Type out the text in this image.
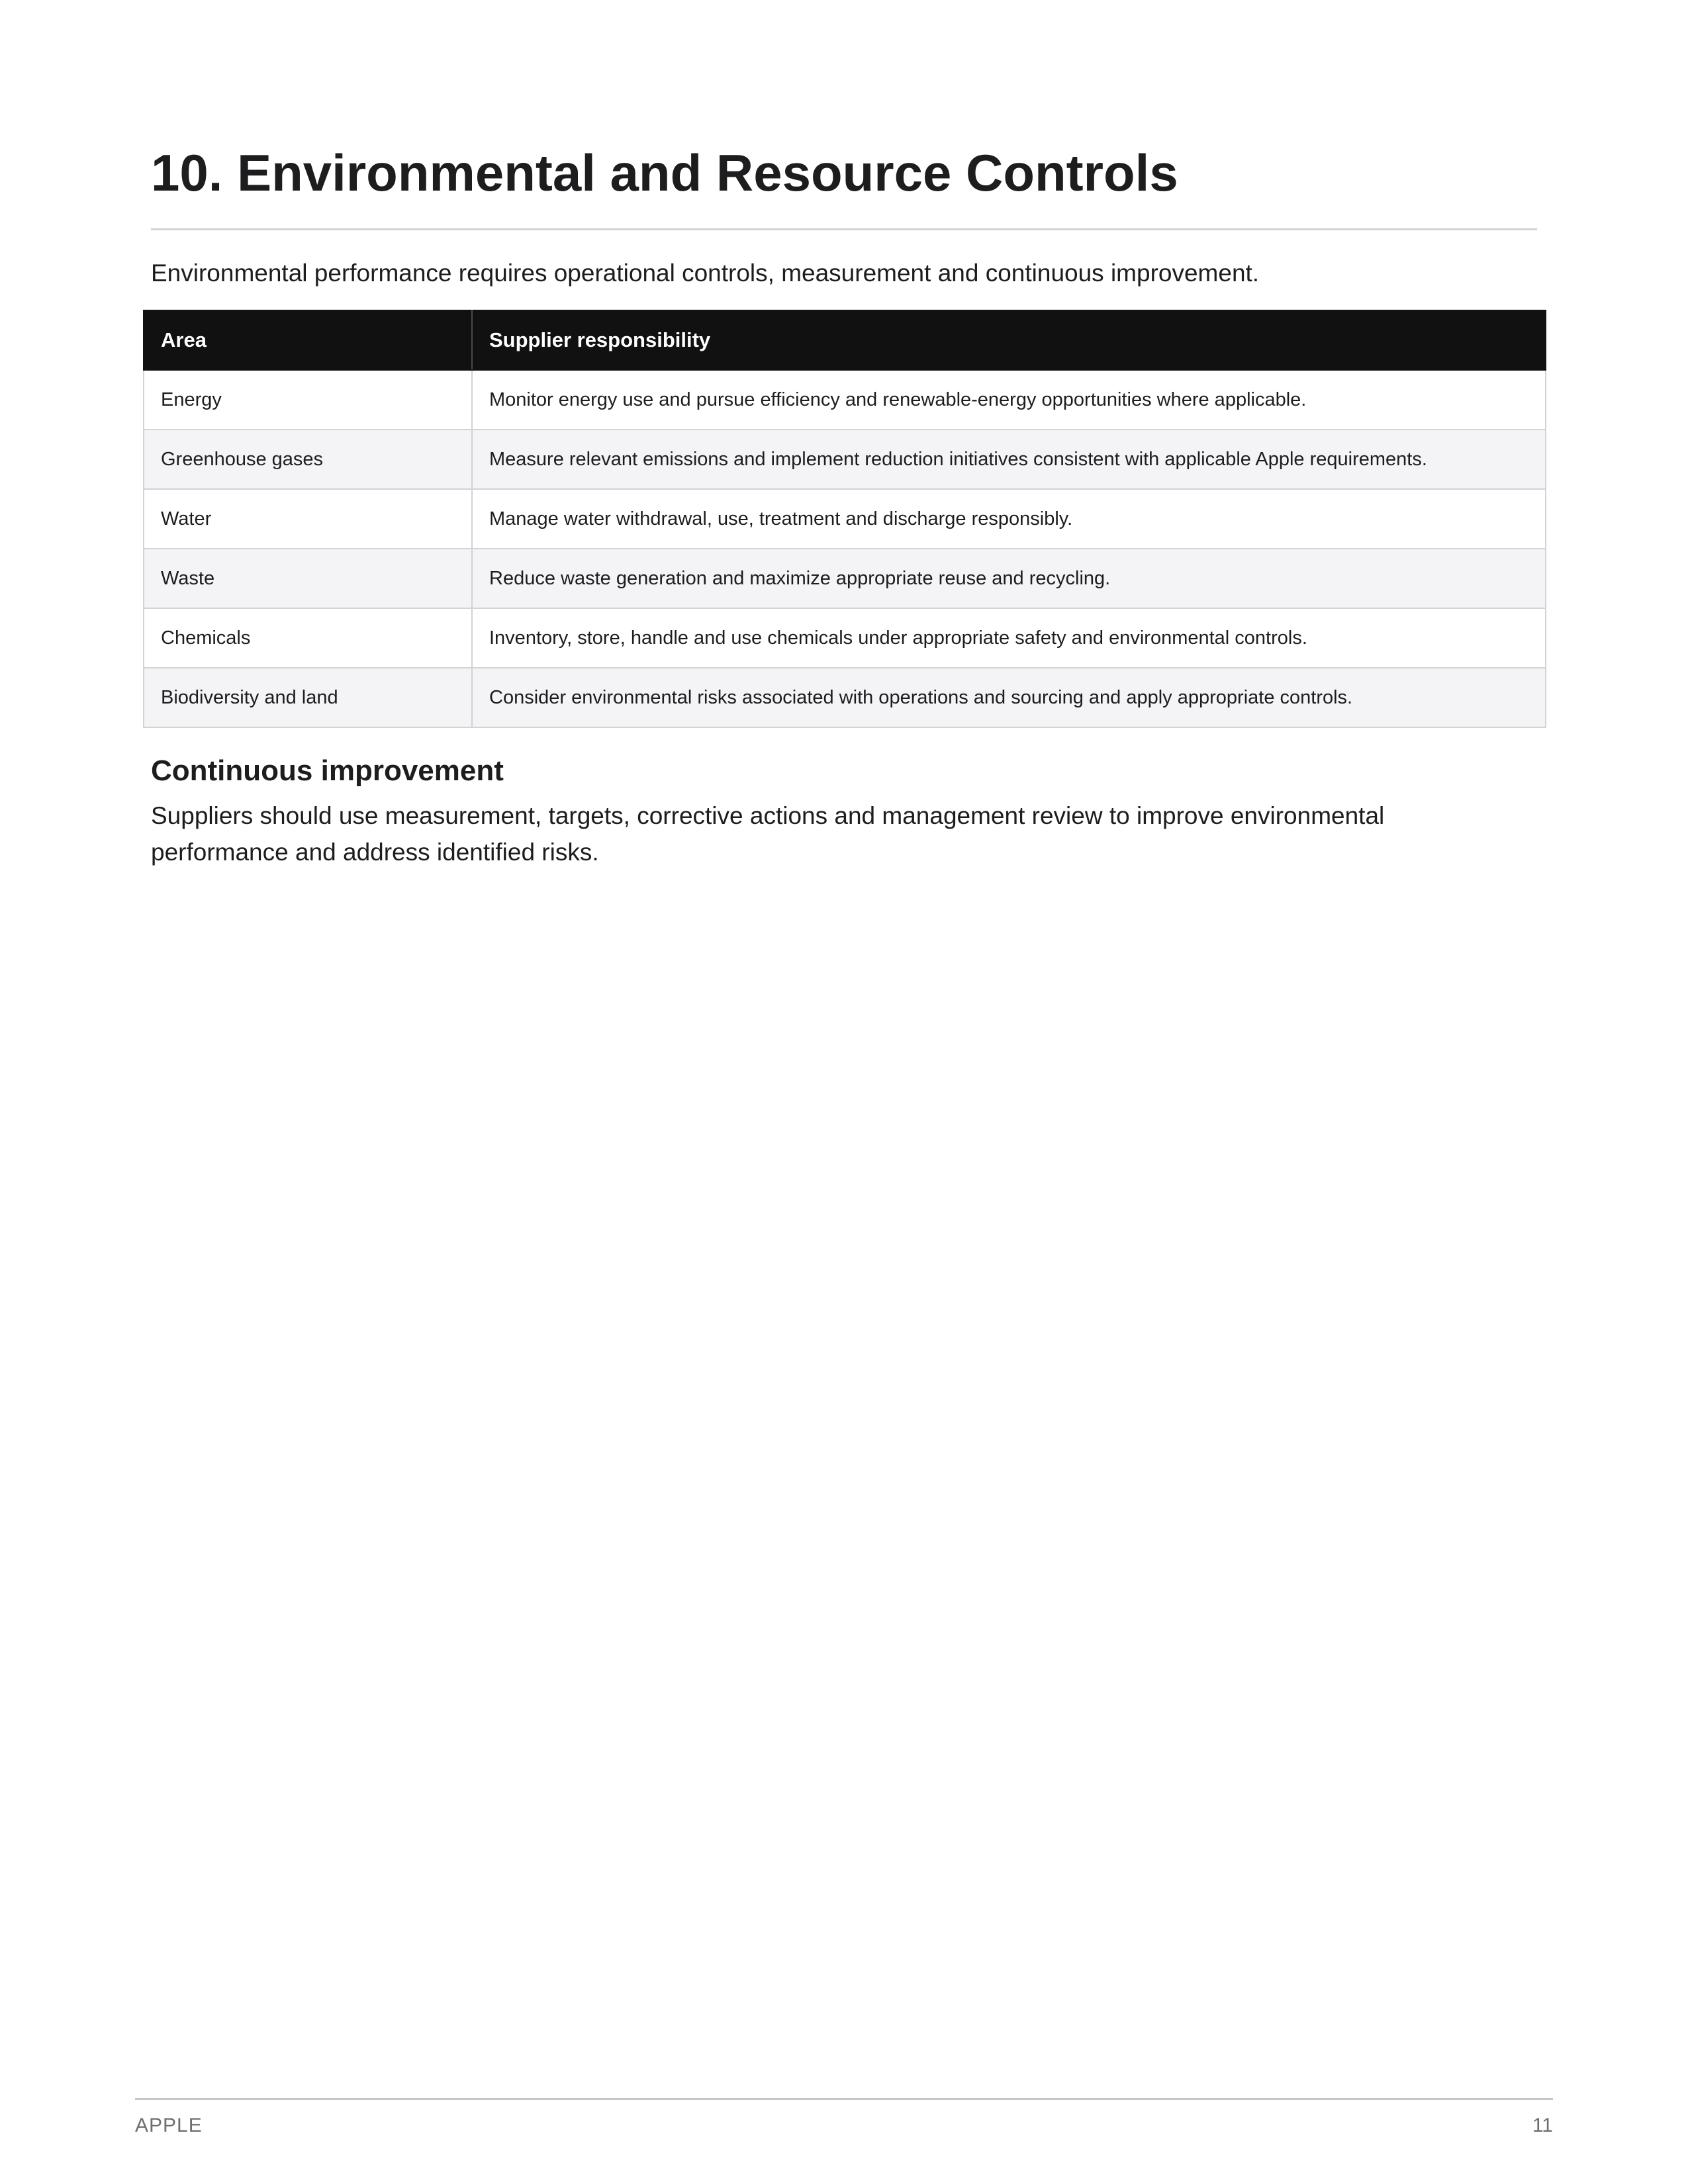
10. Environmental and Resource Controls

Environmental performance requires operational controls, measurement and continuous improvement.

Area	Supplier responsibility
Energy	Monitor energy use and pursue efficiency and renewable-energy opportunities where applicable.
Greenhouse gases	Measure relevant emissions and implement reduction initiatives consistent with applicable Apple requirements.
Water	Manage water withdrawal, use, treatment and discharge responsibly.
Waste	Reduce waste generation and maximize appropriate reuse and recycling.
Chemicals	Inventory, store, handle and use chemicals under appropriate safety and environmental controls.
Biodiversity and land	Consider environmental risks associated with operations and sourcing and apply appropriate controls.
Continuous improvement

Suppliers should use measurement, targets, corrective actions and management review to improve environmental performance and address identified risks.

APPLE	11
